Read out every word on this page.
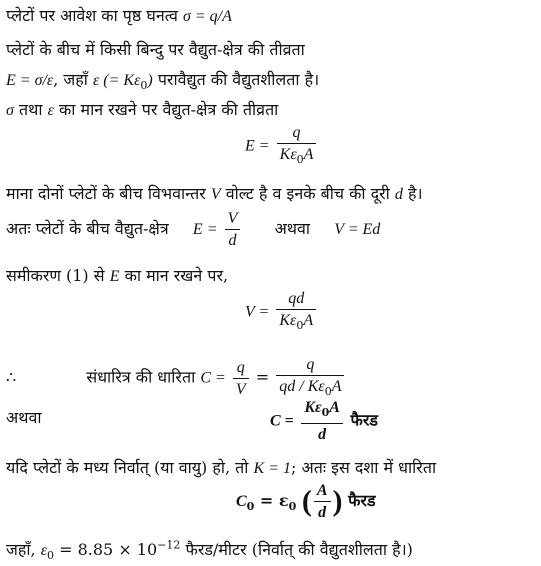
प्लेटों पर आवेश का पृष्ठ घनत्व σ = q/A
प्लेटों के बीच में किसी बिन्दु पर वैद्युत-क्षेत्र की तीव्रता
E = σ/ε, जहाँ ε (= $K\varepsilon_0$) परावैद्युत की वैद्युतशीलता है।
σ तथा ε का मान रखने पर वैद्युत-क्षेत्र की तीव्रता
$E = \frac{q}{K\varepsilon_0A}$
माना दोनों प्लेटों के बीच विभवान्तर V वोल्ट है व इनके बीच की दूरी d है।
अतः प्लेटों के बीच वैद्युत-क्षेत्र $E = \frac{V}{d}$ अथवा V = Ed
समीकरण (1) से E का मान रखने पर,
$V = \frac{qd}{K\varepsilon_0A}$
∴	संधारित्र की धारिता $C = \frac{q}{V} = \frac{q}{qd / K\varepsilon_0A}$
अथवा	$C = \frac{K\varepsilon_0A}{d}$ फैरड
यदि प्लेटों के मध्य निर्वात् (या वायु) हो, तो K = 1; अतः इस दशा में धारिता
$C_0 = \varepsilon_0$ ( $\frac{A}{d}$ ) फैरड
जहाँ, $\varepsilon_0 = 8.85 \times 10^{-12}$ फैरड/मीटर (निर्वात् की वैद्युतशीलता है।)
